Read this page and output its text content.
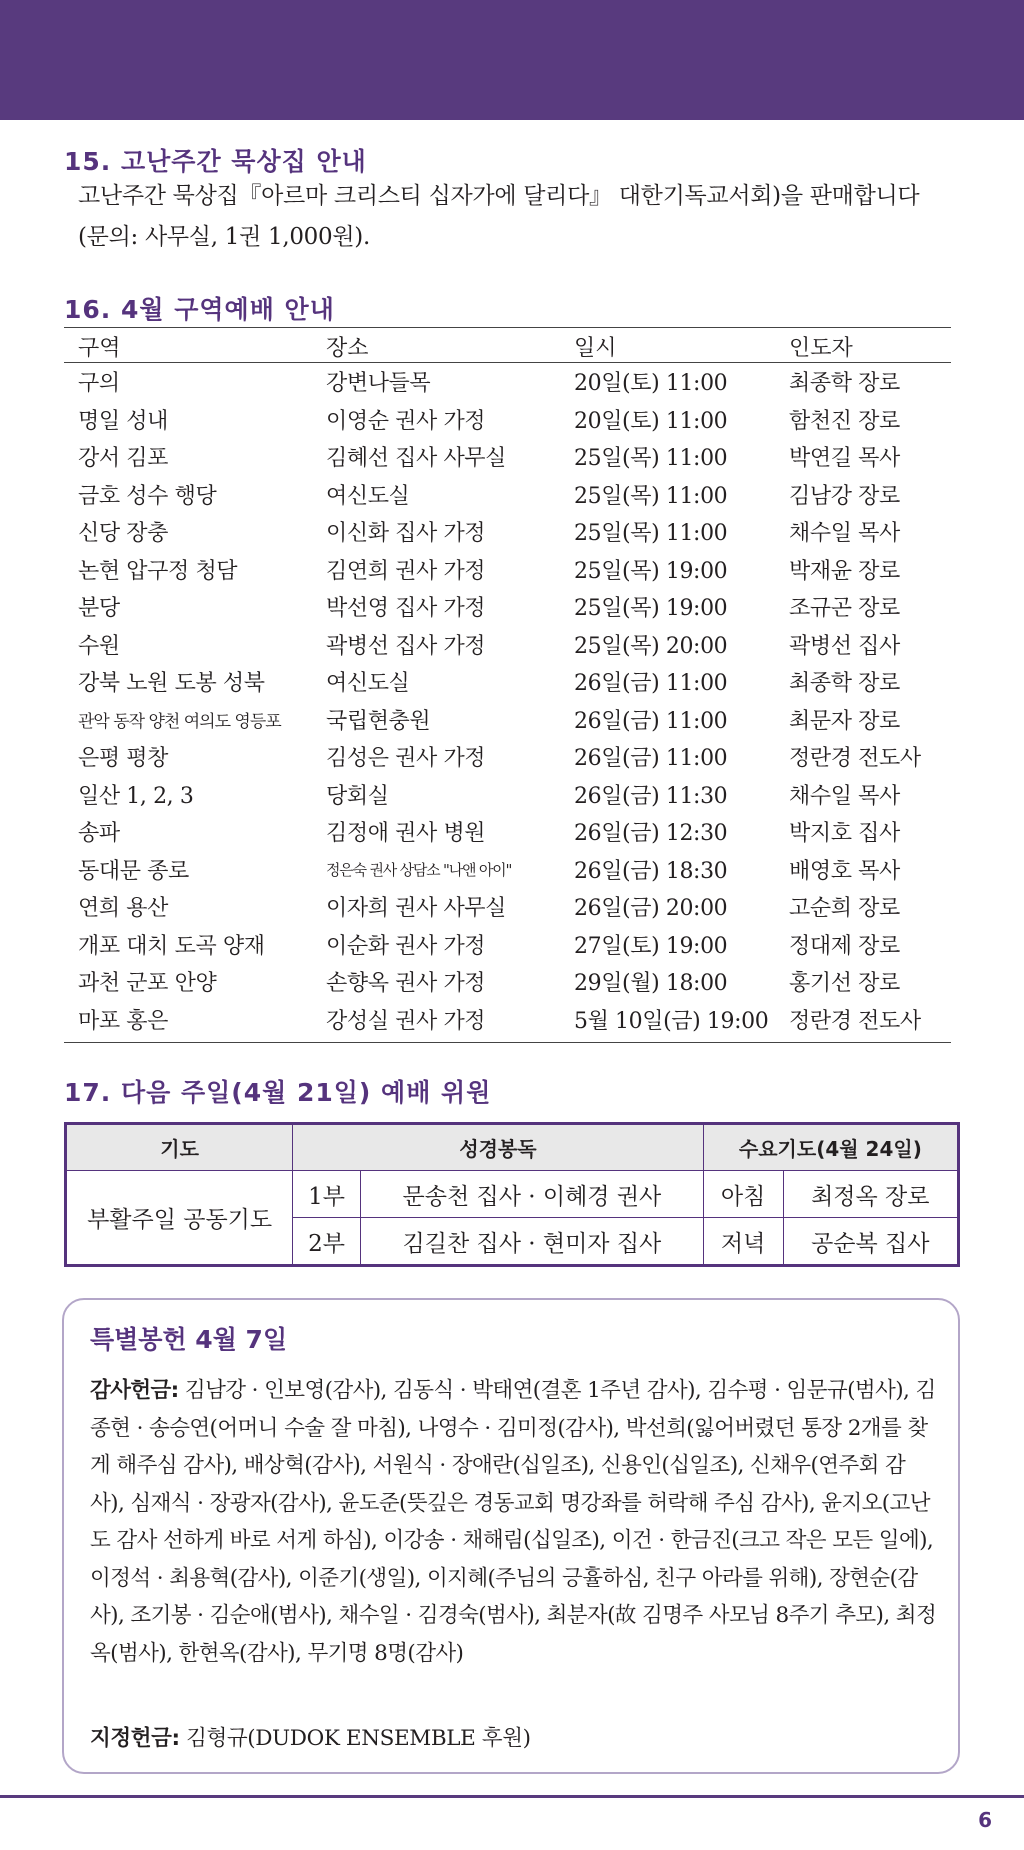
15. 고난주간 묵상집 안내

고난주간 묵상집『아르마 크리스티 십자가에 달리다』 대한기독교서회)을 판매합니다

(문의: 사무실, 1권 1,000원).

16. 4월 구역예배 안내
구역	장소	일시	인도자
구의	강변나들목	20일(토) 11:00	최종학 장로
명일 성내	이영순 권사 가정	20일(토) 11:00	함천진 장로
강서 김포	김혜선 집사 사무실	25일(목) 11:00	박연길 목사
금호 성수 행당	여신도실	25일(목) 11:00	김남강 장로
신당 장충	이신화 집사 가정	25일(목) 11:00	채수일 목사
논현 압구정 청담	김연희 권사 가정	25일(목) 19:00	박재윤 장로
분당	박선영 집사 가정	25일(목) 19:00	조규곤 장로
수원	곽병선 집사 가정	25일(목) 20:00	곽병선 집사
강북 노원 도봉 성북	여신도실	26일(금) 11:00	최종학 장로
관악 동작 양천 여의도 영등포	국립현충원	26일(금) 11:00	최문자 장로
은평 평창	김성은 권사 가정	26일(금) 11:00	정란경 전도사
일산 1, 2, 3	당회실	26일(금) 11:30	채수일 목사
송파	김정애 권사 병원	26일(금) 12:30	박지호 집사
동대문 종로	정은숙 권사 상담소 "나앤 아이"	26일(금) 18:30	배영호 목사
연희 용산	이자희 권사 사무실	26일(금) 20:00	고순희 장로
개포 대치 도곡 양재	이순화 권사 가정	27일(토) 19:00	정대제 장로
과천 군포 안양	손향옥 권사 가정	29일(월) 18:00	홍기선 장로
마포 홍은	강성실 권사 가정	5월 10일(금) 19:00 정란경 전도사
17. 다음 주일(4월 21일) 예배 위원
기도	성경봉독		수요기도(4월 24일)	
부활주일 공동기도	1부	문송천 집사 · 이혜경 권사	아침	최정옥 장로
	2부	김길찬 집사 · 현미자 집사	저녁	공순복 집사
특별봉헌 4월 7일

감사헌금: 김남강 · 인보영(감사), 김동식 · 박태연(결혼 1주년 감사), 김수평 · 임문규(범사), 김종현 · 송승연(어머니 수술 잘 마침), 나영수 · 김미정(감사), 박선희(잃어버렸던 통장 2개를 찾게 해주심 감사), 배상혁(감사), 서원식 · 장애란(십일조), 신용인(십일조), 신채우(연주회 감사), 심재식 · 장광자(감사), 윤도준(뜻깊은 경동교회 명강좌를 허락해 주심 감사), 윤지오(고난도 감사 선하게 바로 서게 하심), 이강송 · 채해림(십일조), 이건 · 한금진(크고 작은 모든 일에), 이정석 · 최용혁(감사), 이준기(생일), 이지혜(주님의 긍휼하심, 친구 아라를 위해), 장현순(감사), 조기봉 · 김순애(범사), 채수일 · 김경숙(범사), 최분자(故 김명주 사모님 8주기 추모), 최정옥(범사), 한현옥(감사), 무기명 8명(감사)

지정헌금: 김형규(DUDOK ENSEMBLE 후원)

6
